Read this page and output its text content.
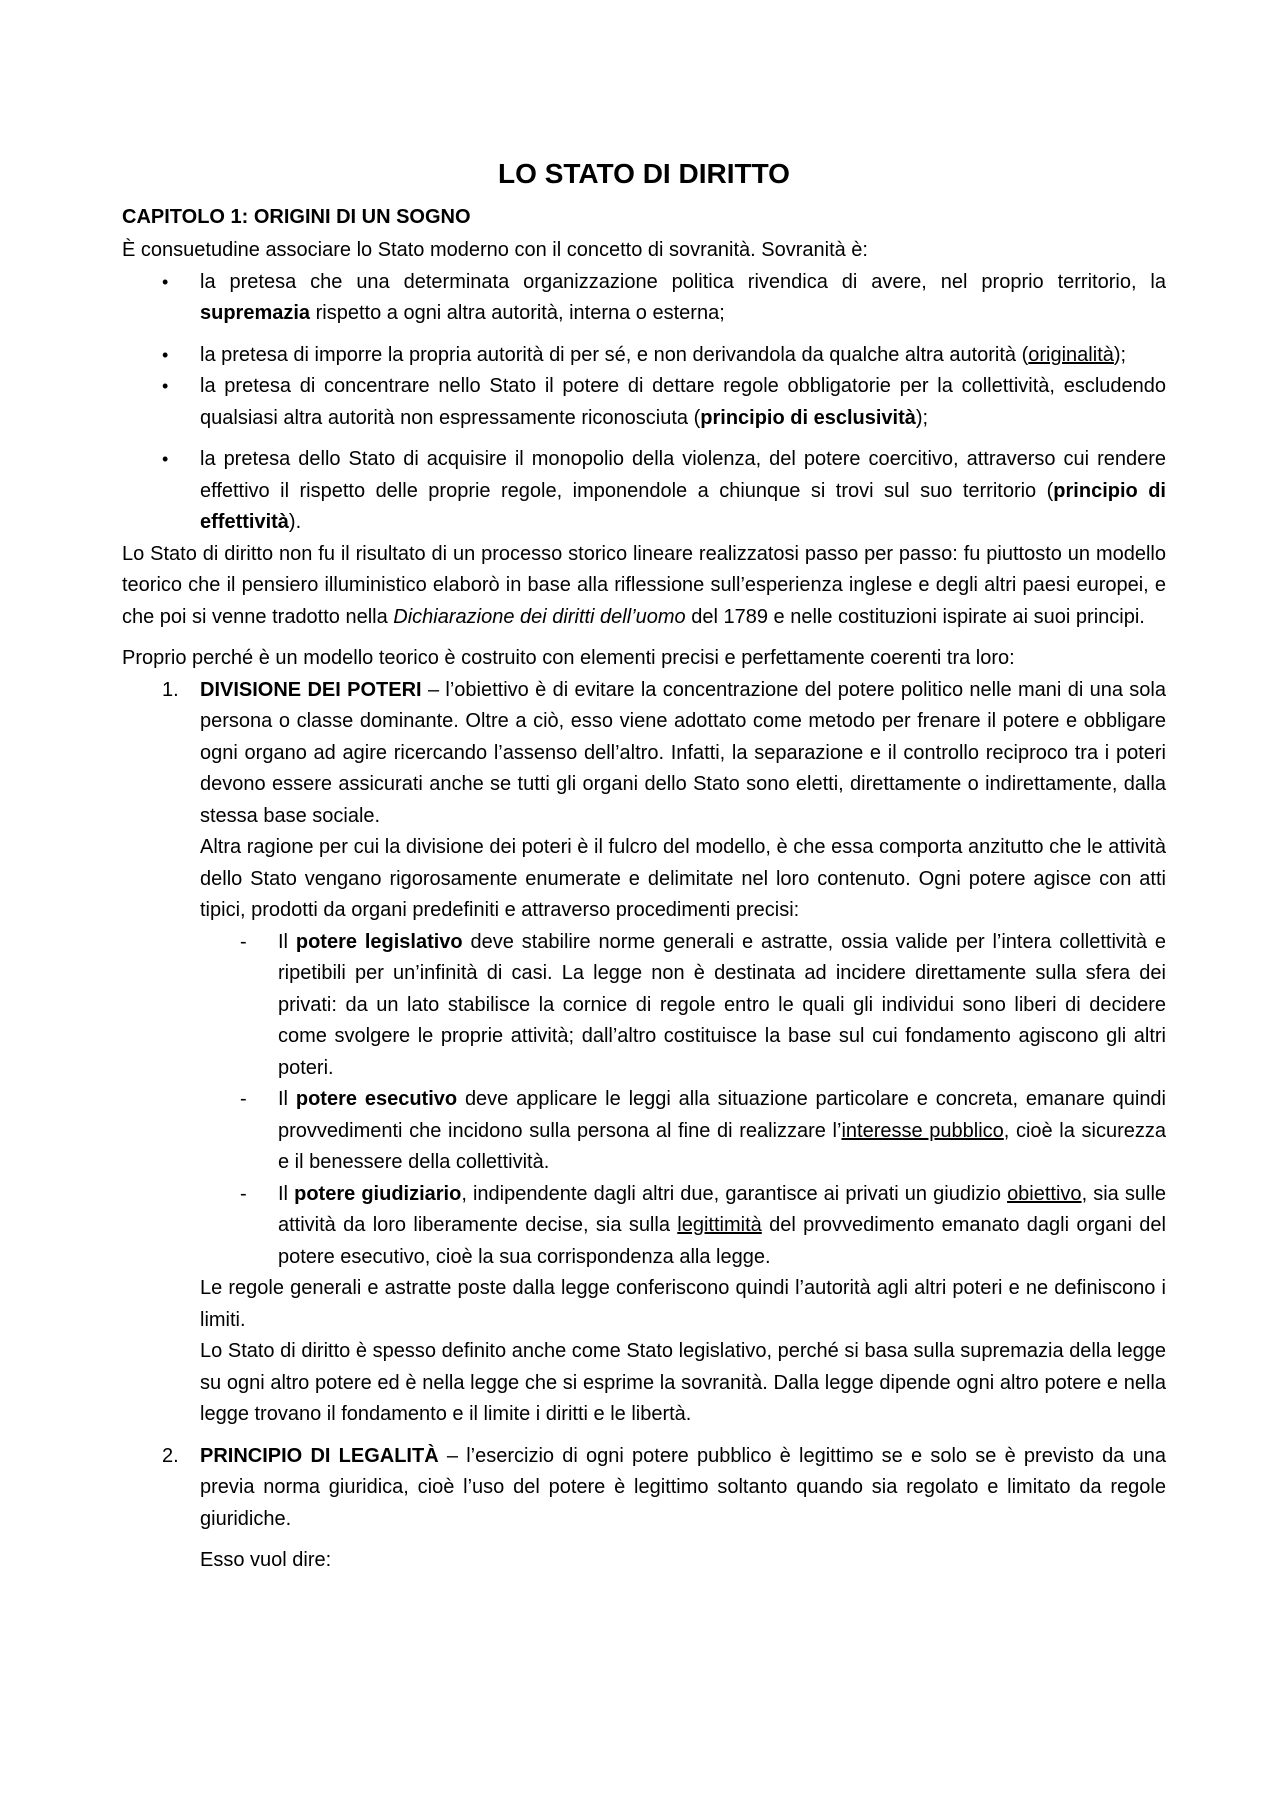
LO STATO DI DIRITTO
CAPITOLO 1: ORIGINI DI UN SOGNO

È consuetudine associare lo Stato moderno con il concetto di sovranità. Sovranità è:

• la pretesa che una determinata organizzazione politica rivendica di avere, nel proprio territorio, la supremazia rispetto a ogni altra autorità, interna o esterna;
• la pretesa di imporre la propria autorità di per sé, e non derivandola da qualche altra autorità (originalità);
• la pretesa di concentrare nello Stato il potere di dettare regole obbligatorie per la collettività, escludendo qualsiasi altra autorità non espressamente riconosciuta (principio di esclusività);
• la pretesa dello Stato di acquisire il monopolio della violenza, del potere coercitivo, attraverso cui rendere effettivo il rispetto delle proprie regole, imponendole a chiunque si trovi sul suo territorio (principio di effettività).

Lo Stato di diritto non fu il risultato di un processo storico lineare realizzatosi passo per passo: fu piuttosto un modello teorico che il pensiero illuministico elaborò in base alla riflessione sull’esperienza inglese e degli altri paesi europei, e che poi si venne tradotto nella Dichiarazione dei diritti dell’uomo del 1789 e nelle costituzioni ispirate ai suoi principi.

Proprio perché è un modello teorico è costruito con elementi precisi e perfettamente coerenti tra loro:

1. DIVISIONE DEI POTERI – l’obiettivo è di evitare la concentrazione del potere politico nelle mani di una sola persona o classe dominante. Oltre a ciò, esso viene adottato come metodo per frenare il potere e obbligare ogni organo ad agire ricercando l’assenso dell’altro. Infatti, la separazione e il controllo reciproco tra i poteri devono essere assicurati anche se tutti gli organi dello Stato sono eletti, direttamente o indirettamente, dalla stessa base sociale.

Altra ragione per cui la divisione dei poteri è il fulcro del modello, è che essa comporta anzitutto che le attività dello Stato vengano rigorosamente enumerate e delimitate nel loro contenuto. Ogni potere agisce con atti tipici, prodotti da organi predefiniti e attraverso procedimenti precisi:

- Il potere legislativo deve stabilire norme generali e astratte, ossia valide per l’intera collettività e ripetibili per un’infinità di casi. La legge non è destinata ad incidere direttamente sulla sfera dei privati: da un lato stabilisce la cornice di regole entro le quali gli individui sono liberi di decidere come svolgere le proprie attività; dall’altro costituisce la base sul cui fondamento agiscono gli altri poteri.
- Il potere esecutivo deve applicare le leggi alla situazione particolare e concreta, emanare quindi provvedimenti che incidono sulla persona al fine di realizzare l’interesse pubblico, cioè la sicurezza e il benessere della collettività.
- Il potere giudiziario, indipendente dagli altri due, garantisce ai privati un giudizio obiettivo, sia sulle attività da loro liberamente decise, sia sulla legittimità del provvedimento emanato dagli organi del potere esecutivo, cioè la sua corrispondenza alla legge.

Le regole generali e astratte poste dalla legge conferiscono quindi l’autorità agli altri poteri e ne definiscono i limiti.

Lo Stato di diritto è spesso definito anche come Stato legislativo, perché si basa sulla supremazia della legge su ogni altro potere ed è nella legge che si esprime la sovranità. Dalla legge dipende ogni altro potere e nella legge trovano il fondamento e il limite i diritti e le libertà.

2. PRINCIPIO DI LEGALITÀ – l’esercizio di ogni potere pubblico è legittimo se e solo se è previsto da una previa norma giuridica, cioè l’uso del potere è legittimo soltanto quando sia regolato e limitato da regole giuridiche.

Esso vuol dire:
